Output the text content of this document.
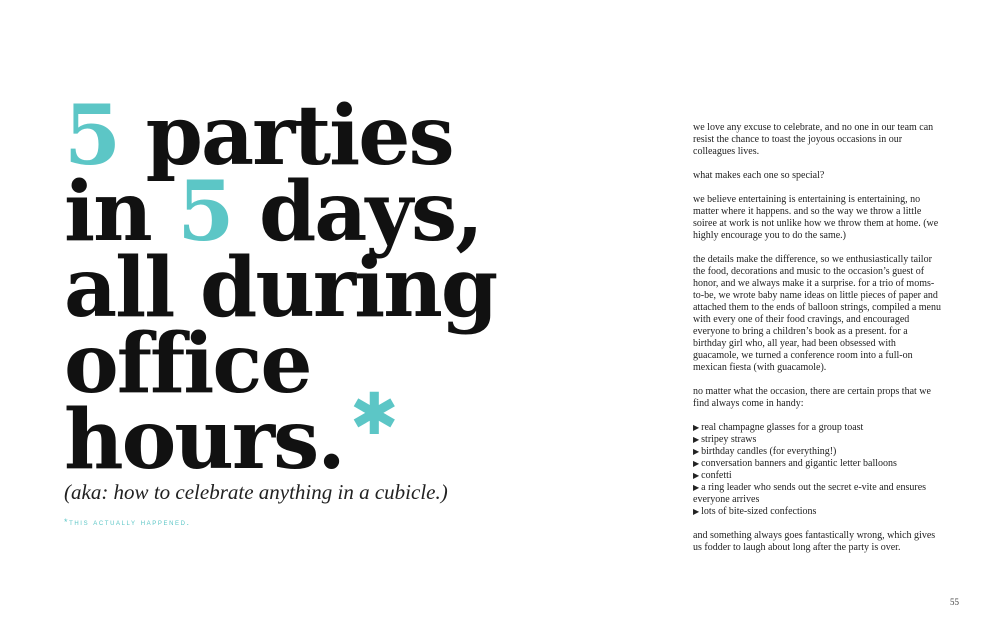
5 parties
in 5 days,
all during
office
hours. ✱

(aka: how to celebrate anything in a cubicle.)

*this actually happened.

we love any excuse to celebrate, and no one in our team can resist the chance to toast the joyous occasions in our colleagues lives.

what makes each one so special?

we believe entertaining is entertaining is entertaining, no matter where it happens. and so the way we throw a little soiree at work is not unlike how we throw them at home. (we highly encourage you to do the same.)

the details make the difference, so we enthusiastically tailor the food, decorations and music to the occasion’s guest of honor, and we always make it a surprise. for a trio of moms-to-be, we wrote baby name ideas on little pieces of paper and attached them to the ends of balloon strings, compiled a menu with every one of their food cravings, and encouraged everyone to bring a children’s book as a present. for a birthday girl who, all year, had been obsessed with guacamole, we turned a conference room into a full-on mexican fiesta (with guacamole).

no matter what the occasion, there are certain props that we find always come in handy:

▶ real champagne glasses for a group toast
▶ stripey straws
▶ birthday candles (for everything!)
▶ conversation banners and gigantic letter balloons
▶ confetti
▶ a ring leader who sends out the secret e-vite and ensures everyone arrives
▶ lots of bite-sized confections

and something always goes fantastically wrong, which gives us fodder to laugh about long after the party is over.

55
